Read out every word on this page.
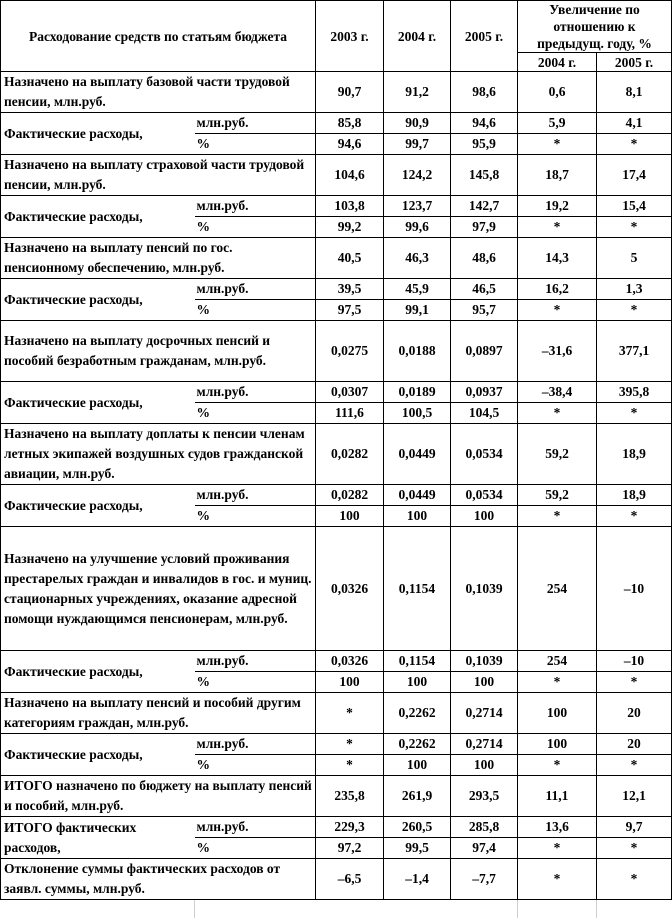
Расходование средств по статьям бюджета		2003 г.	2004 г.	2005 г.	Увеличение по отношению к предыдущ. году, %	
					2004 г.	2005 г.
Назначено на выплату базовой части трудовой пенсии, млн.руб.		90,7	91,2	98,6	0,6	8,1
Фактические расходы,	млн.руб.	85,8	90,9	94,6	5,9	4,1
	%	94,6	99,7	95,9	*	*
Назначено на выплату страховой части трудовой пенсии, млн.руб.		104,6	124,2	145,8	18,7	17,4
Фактические расходы,	млн.руб.	103,8	123,7	142,7	19,2	15,4
	%	99,2	99,6	97,9	*	*
Назначено на выплату пенсий по гос. пенсионному обеспечению, млн.руб.		40,5	46,3	48,6	14,3	5
Фактические расходы,	млн.руб.	39,5	45,9	46,5	16,2	1,3
	%	97,5	99,1	95,7	*	*
Назначено на выплату досрочных пенсий и пособий безработным гражданам, млн.руб.		0,0275	0,0188	0,0897	–31,6	377,1
Фактические расходы,	млн.руб.	0,0307	0,0189	0,0937	–38,4	395,8
	%	111,6	100,5	104,5	*	*
Назначено на выплату доплаты к пенсии членам летных экипажей воздушных судов гражданской авиации, млн.руб.		0,0282	0,0449	0,0534	59,2	18,9
Фактические расходы,	млн.руб.	0,0282	0,0449	0,0534	59,2	18,9
	%	100	100	100	*	*
Назначено на улучшение условий проживания престарелых граждан и инвалидов в гос. и муниц. стационарных учреждениях, оказание адресной помощи нуждающимся пенсионерам, млн.руб.		0,0326	0,1154	0,1039	254	–10
Фактические расходы,	млн.руб.	0,0326	0,1154	0,1039	254	–10
	%	100	100	100	*	*
Назначено на выплату пенсий и пособий другим категориям граждан, млн.руб.		*	0,2262	0,2714	100	20
Фактические расходы,	млн.руб.	*	0,2262	0,2714	100	20
	%	*	100	100	*	*
ИТОГО назначено по бюджету на выплату пенсий и пособий, млн.руб.		235,8	261,9	293,5	11,1	12,1
ИТОГО фактических расходов,	млн.руб.	229,3	260,5	285,8	13,6	9,7
	%	97,2	99,5	97,4	*	*
Отклонение суммы фактических расходов от заявл. суммы, млн.руб.		–6,5	–1,4	–7,7	*	*
